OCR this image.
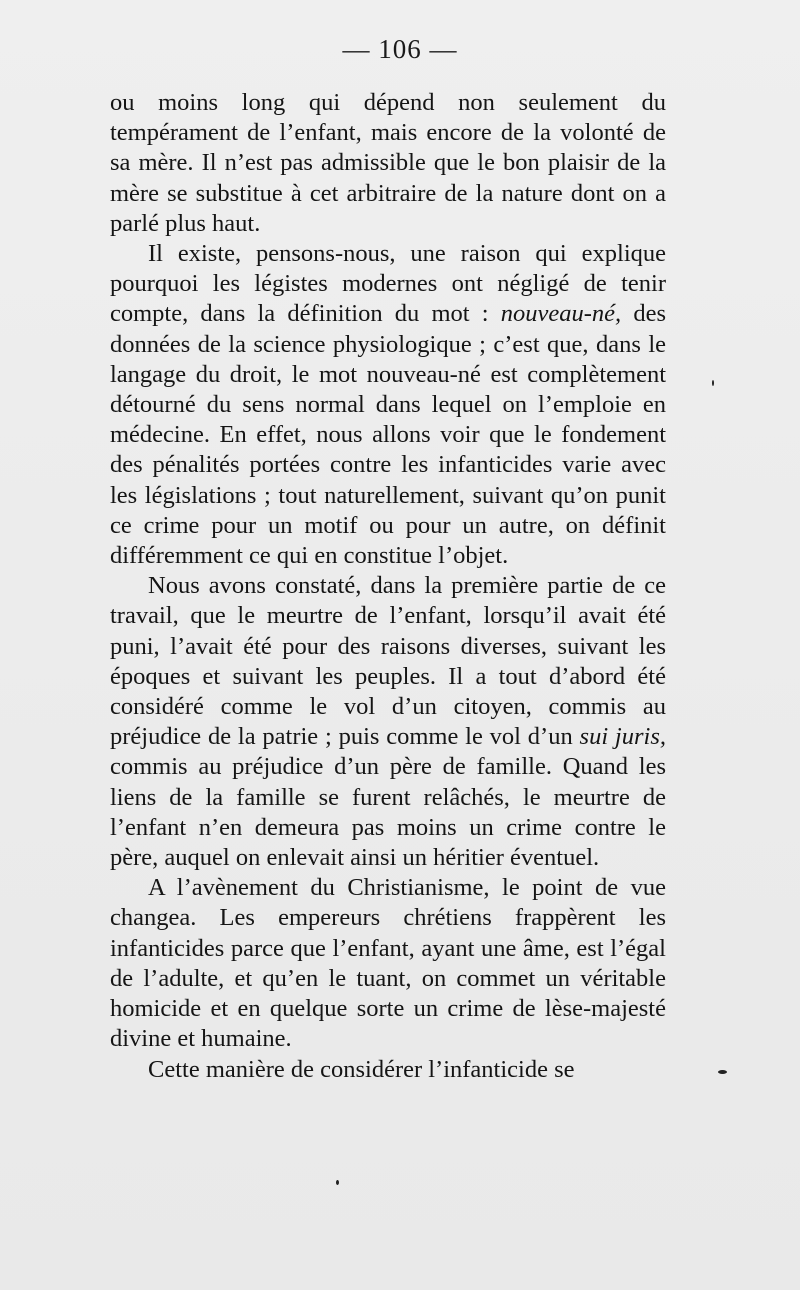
— 106 —

ou moins long qui dépend non seulement du tempérament de l’enfant, mais encore de la volonté de sa mère. Il n’est pas admissible que le bon plaisir de la mère se substitue à cet arbitraire de la nature dont on a parlé plus haut.

Il existe, pensons-nous, une raison qui explique pourquoi les légistes modernes ont négligé de tenir compte, dans la définition du mot : nouveau-né, des données de la science physiologique ; c’est que, dans le langage du droit, le mot nouveau-né est complètement détourné du sens normal dans lequel on l’emploie en médecine. En effet, nous allons voir que le fondement des pénalités portées contre les infanticides varie avec les législations ; tout naturellement, suivant qu’on punit ce crime pour un motif ou pour un autre, on définit différemment ce qui en constitue l’objet.

Nous avons constaté, dans la première partie de ce travail, que le meurtre de l’enfant, lorsqu’il avait été puni, l’avait été pour des raisons diverses, suivant les époques et suivant les peuples. Il a tout d’abord été considéré comme le vol d’un citoyen, commis au préjudice de la patrie ; puis comme le vol d’un sui juris, commis au préjudice d’un père de famille. Quand les liens de la famille se furent relâchés, le meurtre de l’enfant n’en demeura pas moins un crime contre le père, auquel on enlevait ainsi un héritier éventuel.

A l’avènement du Christianisme, le point de vue changea. Les empereurs chrétiens frappèrent les infanticides parce que l’enfant, ayant une âme, est l’égal de l’adulte, et qu’en le tuant, on commet un véritable homicide et en quelque sorte un crime de lèse-majesté divine et humaine.

Cette manière de considérer l’infanticide se
